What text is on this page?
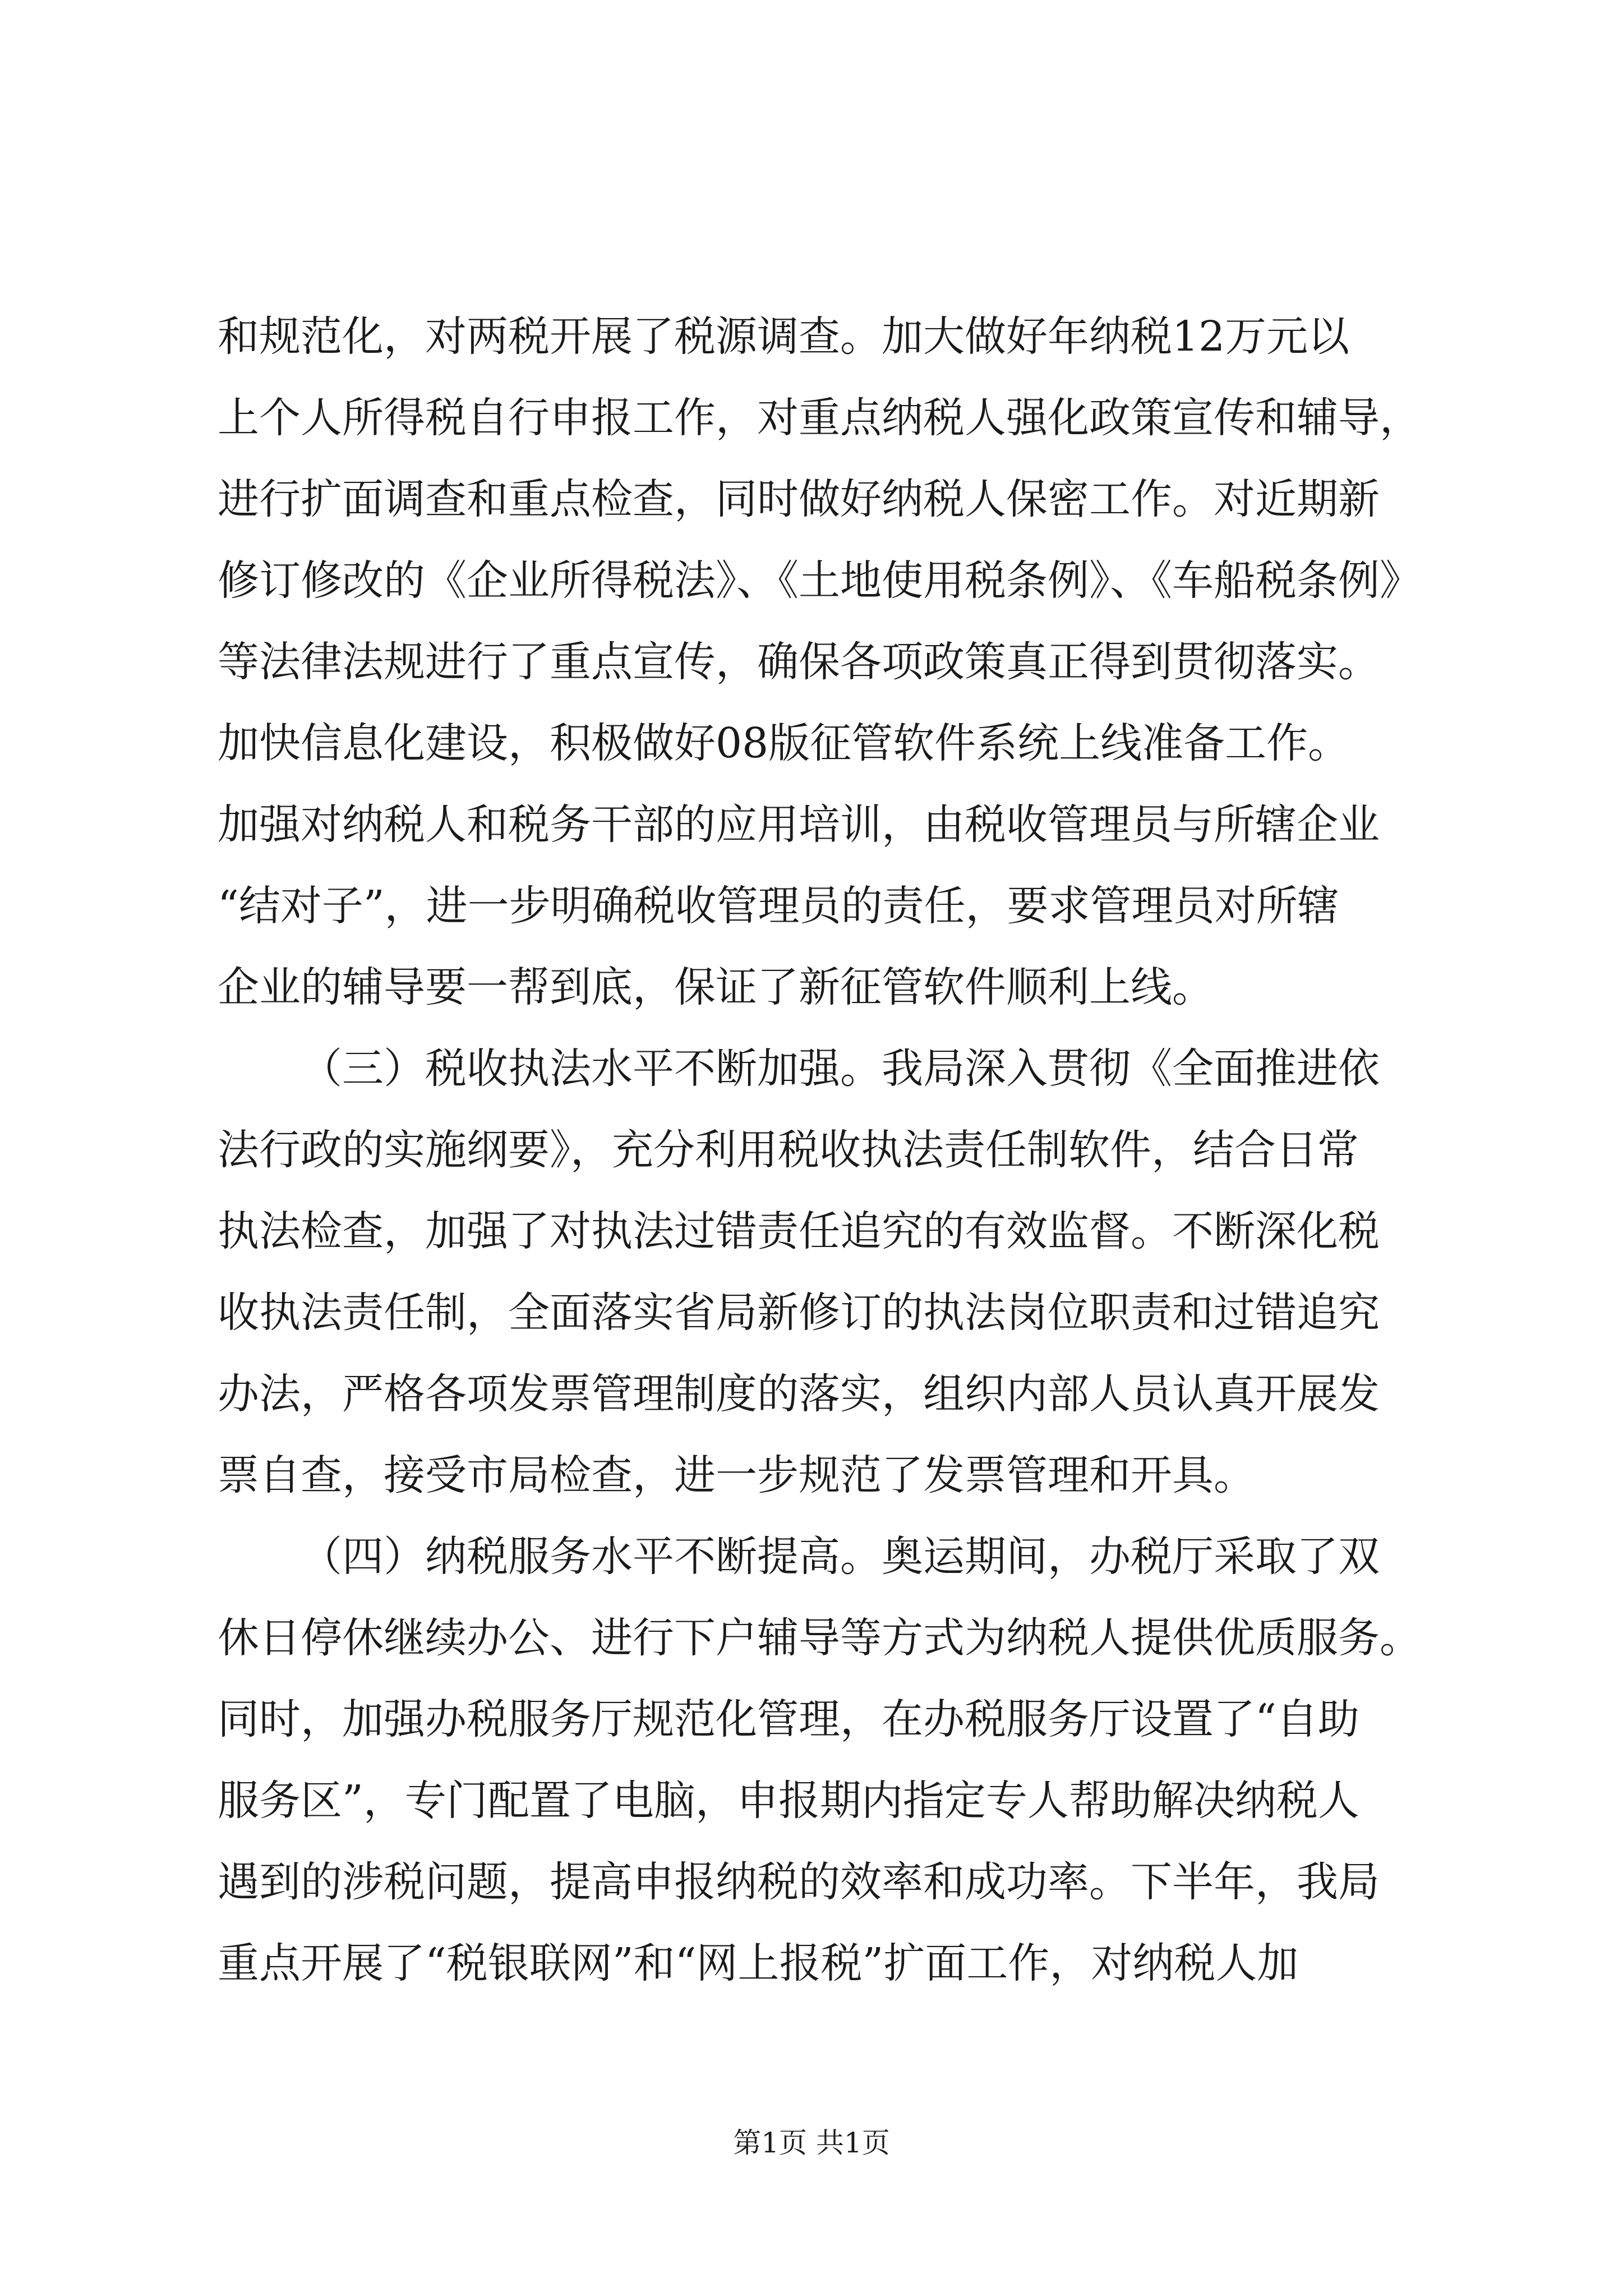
和规范化，对两税开展了税源调查。加大做好年纳税12万元以
上个人所得税自行申报工作，对重点纳税人强化政策宣传和辅导，
进行扩面调查和重点检查，同时做好纳税人保密工作。对近期新
修订修改的《企业所得税法》、《土地使用税条例》、《车船税条例》
等法律法规进行了重点宣传，确保各项政策真正得到贯彻落实。
加快信息化建设，积极做好08版征管软件系统上线准备工作。
加强对纳税人和税务干部的应用培训，由税收管理员与所辖企业
“结对子”，进一步明确税收管理员的责任，要求管理员对所辖
企业的辅导要一帮到底，保证了新征管软件顺利上线。
（三）税收执法水平不断加强。我局深入贯彻《全面推进依
法行政的实施纲要》，充分利用税收执法责任制软件，结合日常
执法检查，加强了对执法过错责任追究的有效监督。不断深化税
收执法责任制，全面落实省局新修订的执法岗位职责和过错追究
办法，严格各项发票管理制度的落实，组织内部人员认真开展发
票自查，接受市局检查，进一步规范了发票管理和开具。
（四）纳税服务水平不断提高。奥运期间，办税厅采取了双
休日停休继续办公、进行下户辅导等方式为纳税人提供优质服务。
同时，加强办税服务厅规范化管理，在办税服务厅设置了“自助
服务区”，专门配置了电脑，申报期内指定专人帮助解决纳税人
遇到的涉税问题，提高申报纳税的效率和成功率。下半年，我局
重点开展了“税银联网”和“网上报税”扩面工作，对纳税人加
第1页 共1页
